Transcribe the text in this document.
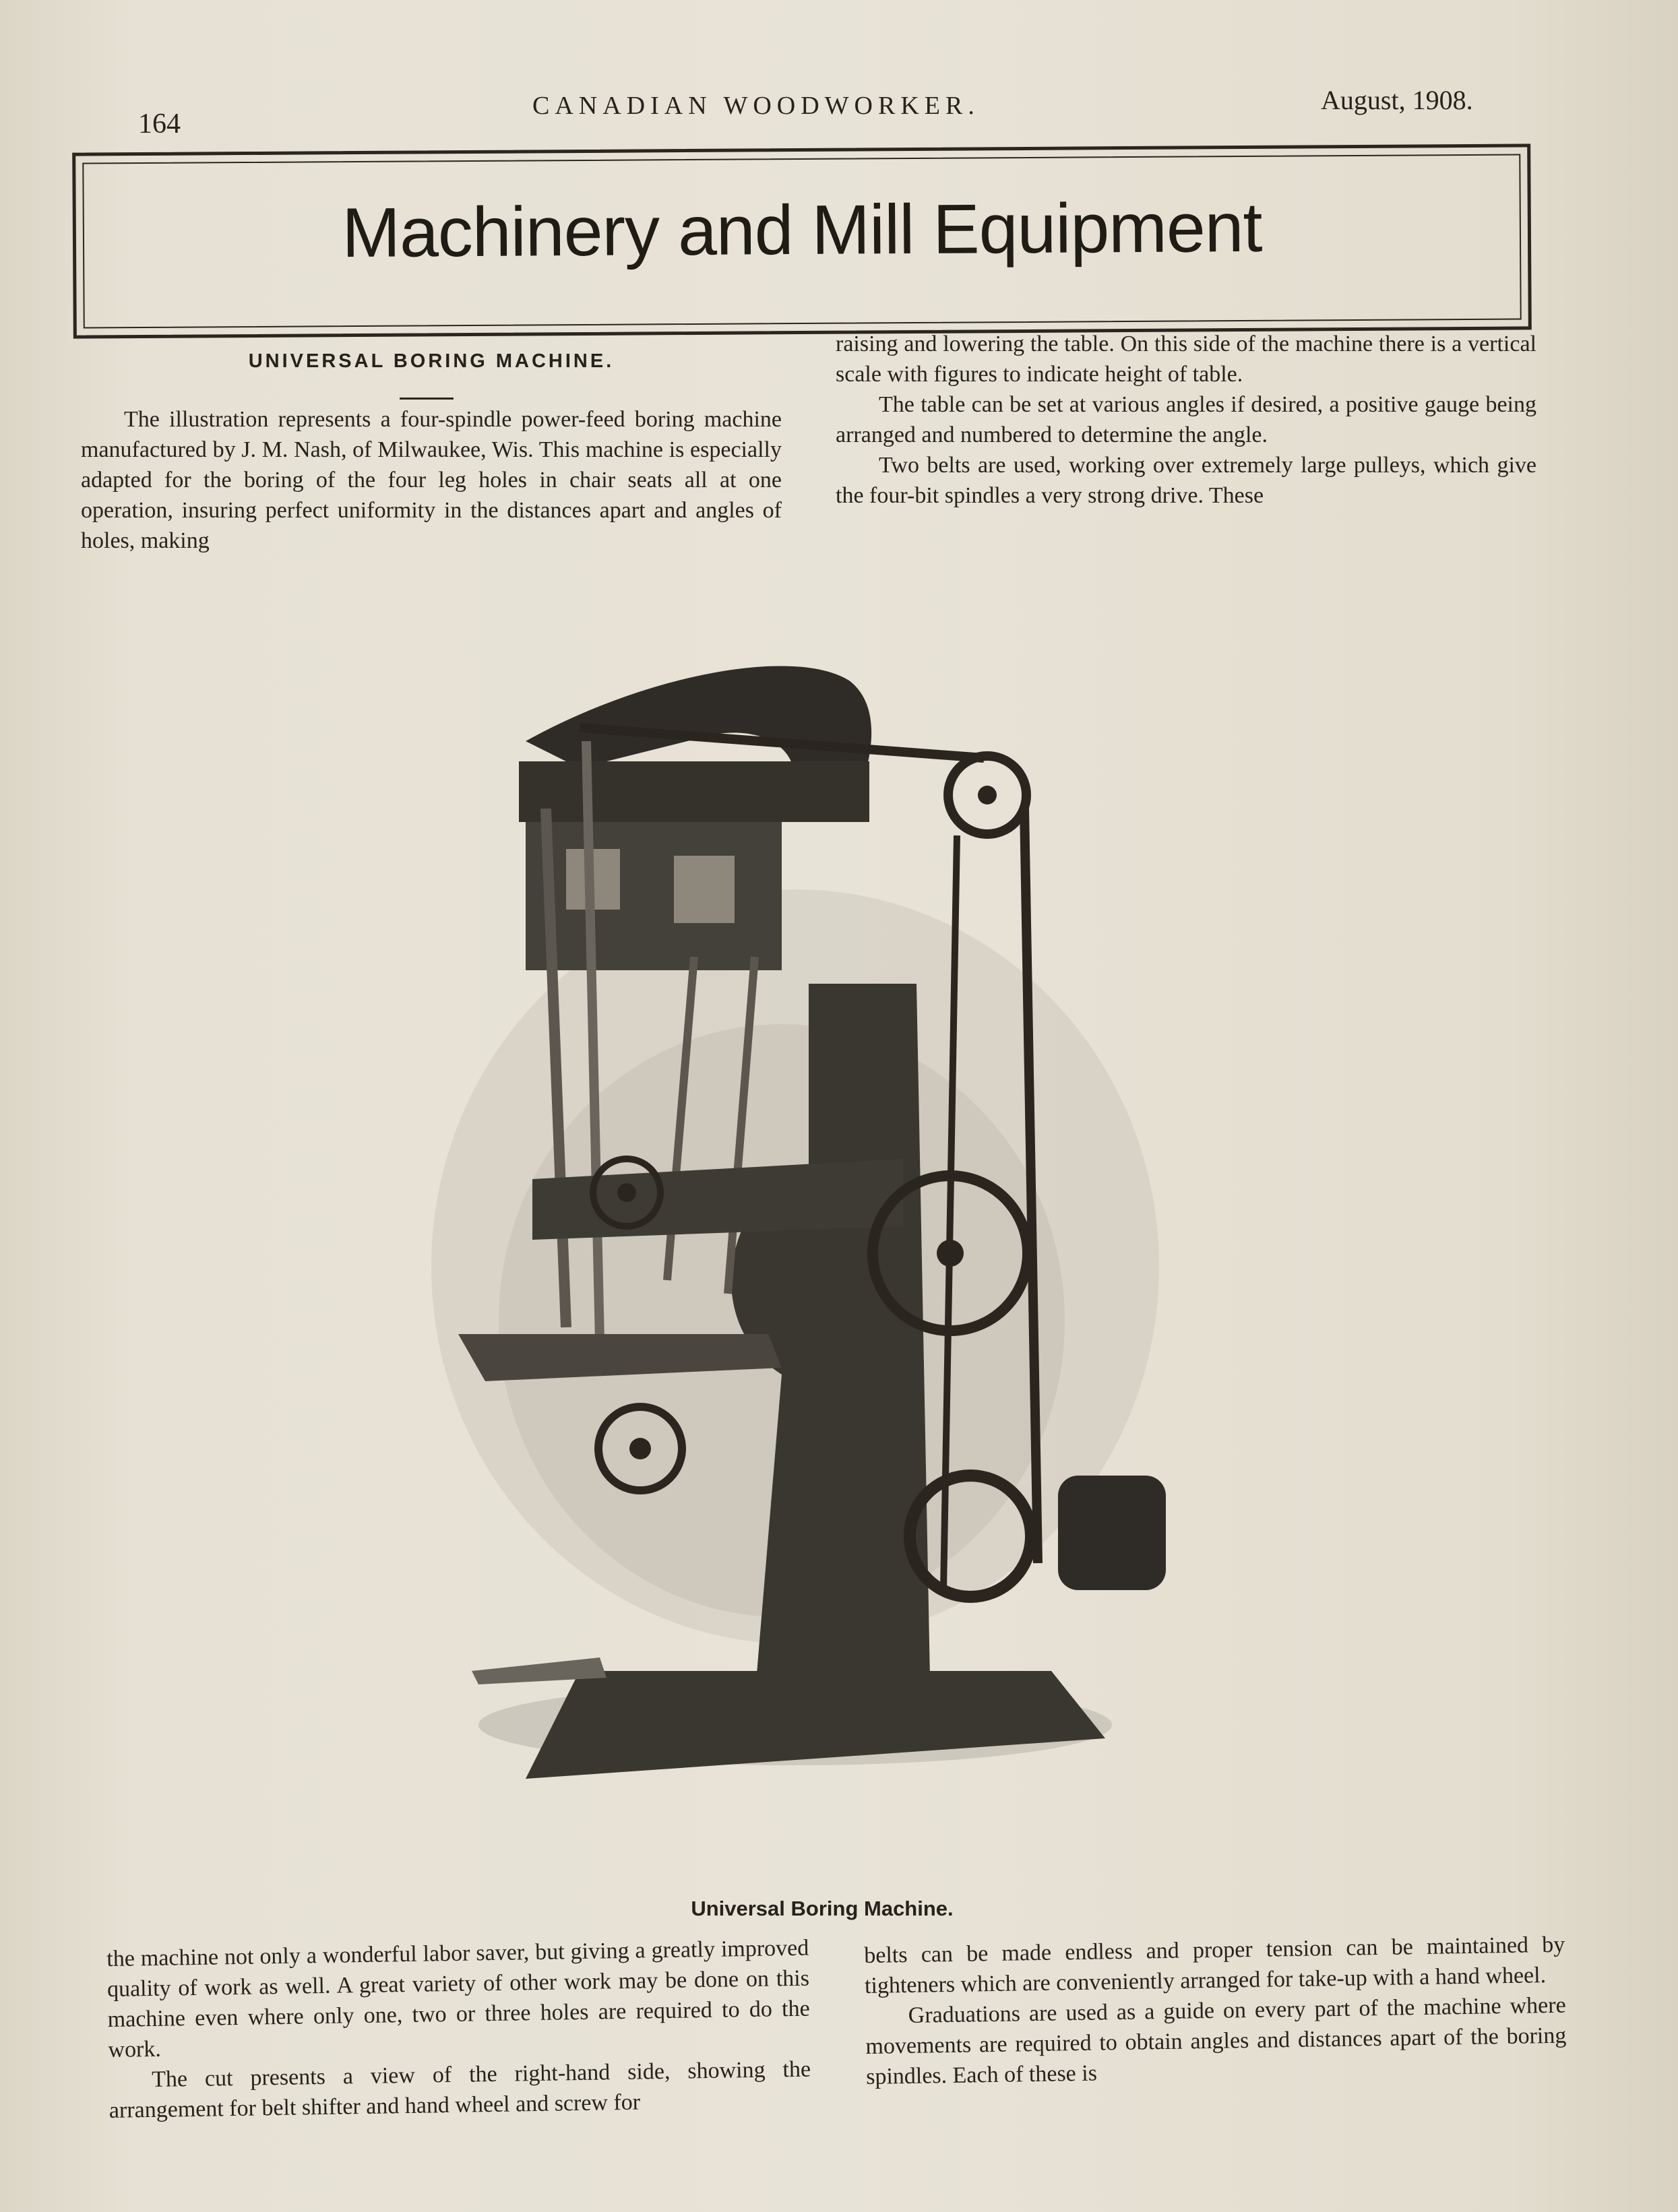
164
CANADIAN WOODWORKER.	August, 1908.
Machinery and Mill Equipment
UNIVERSAL BORING MACHINE.

The illustration represents a four-spindle power-feed boring machine manufactured by J. M. Nash, of Milwaukee, Wis. This machine is especially adapted for the boring of the four leg holes in chair seats all at one operation, insuring perfect uniformity in the distances apart and angles of holes, making

raising and lowering the table. On this side of the machine there is a vertical scale with figures to indicate height of table.

The table can be set at various angles if desired, a positive gauge being arranged and numbered to determine the angle.

Two belts are used, working over extremely large pulleys, which give the four-bit spindles a very strong drive. These

Universal Boring Machine.

the machine not only a wonderful labor saver, but giving a greatly improved quality of work as well. A great variety of other work may be done on this machine even where only one, two or three holes are required to do the work.

The cut presents a view of the right-hand side, showing the arrangement for belt shifter and hand wheel and screw for

belts can be made endless and proper tension can be maintained by tighteners which are conveniently arranged for take-up with a hand wheel.

Graduations are used as a guide on every part of the machine where movements are required to obtain angles and distances apart of the boring spindles. Each of these is
